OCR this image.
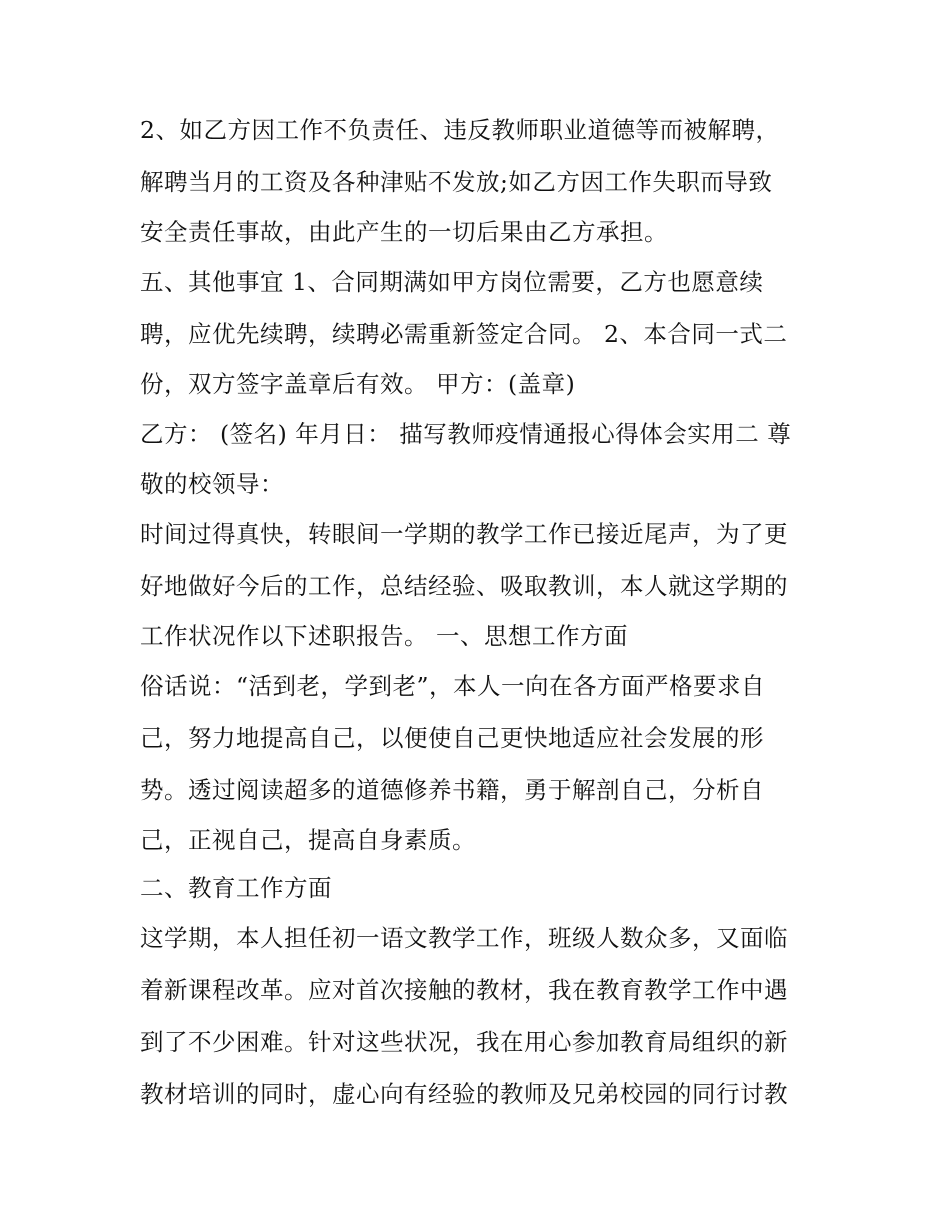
2、如乙方因工作不负责任、违反教师职业道德等而被解聘，
解聘当月的工资及各种津贴不发放;如乙方因工作失职而导致
安全责任事故，由此产生的一切后果由乙方承担。
五、其他事宜 1、合同期满如甲方岗位需要，乙方也愿意续
聘，应优先续聘，续聘必需重新签定合同。 2、本合同一式二
份，双方签字盖章后有效。 甲方：(盖章)
乙方： (签名) 年月日： 描写教师疫情通报心得体会实用二 尊
敬的校领导：
时间过得真快，转眼间一学期的教学工作已接近尾声，为了更
好地做好今后的工作，总结经验、吸取教训，本人就这学期的
工作状况作以下述职报告。 一、思想工作方面
俗话说：“活到老，学到老”，本人一向在各方面严格要求自
己，努力地提高自己，以便使自己更快地适应社会发展的形
势。透过阅读超多的道德修养书籍，勇于解剖自己，分析自
己，正视自己，提高自身素质。
二、教育工作方面
这学期，本人担任初一语文教学工作，班级人数众多，又面临
着新课程改革。应对首次接触的教材，我在教育教学工作中遇
到了不少困难。针对这些状况，我在用心参加教育局组织的新
教材培训的同时，虚心向有经验的教师及兄弟校园的同行讨教
